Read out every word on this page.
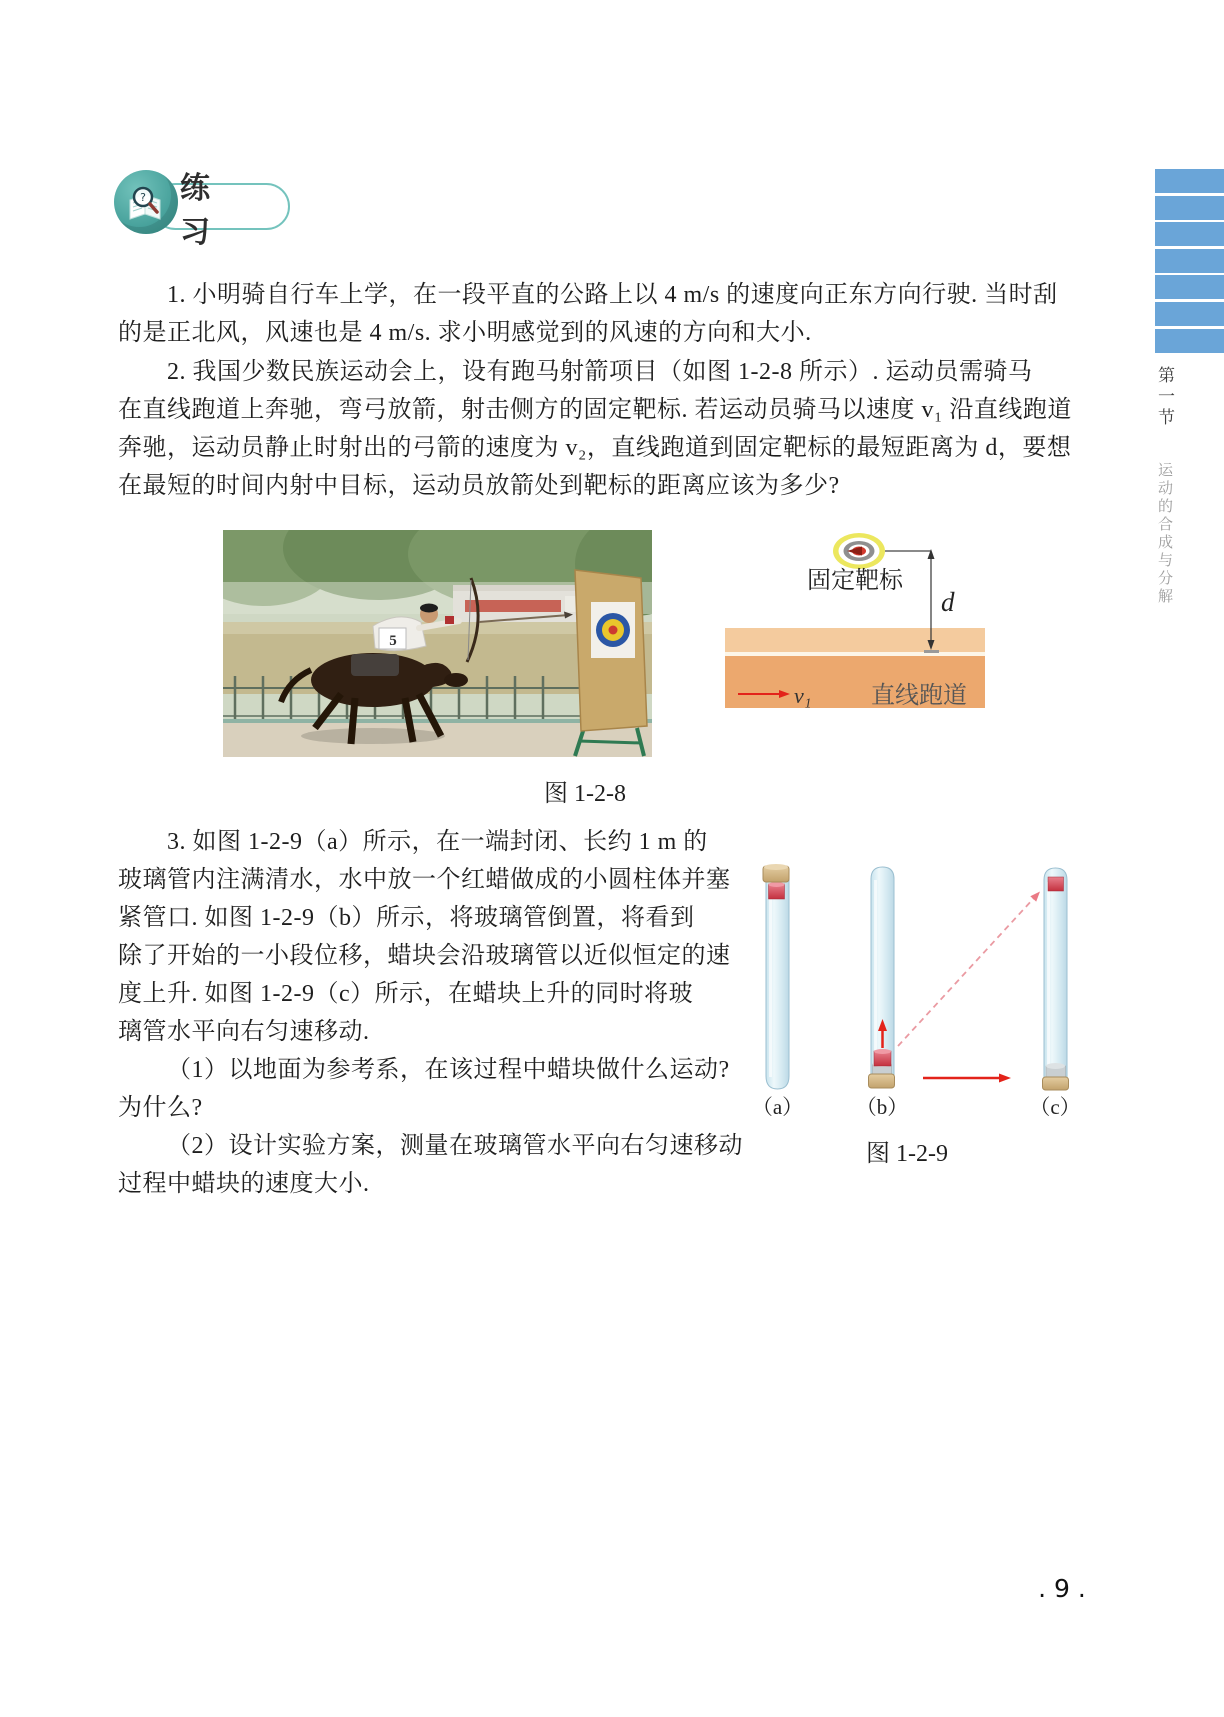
练 习
?
1. 小明骑自行车上学，在一段平直的公路上以 4 m/s 的速度向正东方向行驶. 当时刮
的是正北风，风速也是 4 m/s. 求小明感觉到的风速的方向和大小.
2. 我国少数民族运动会上，设有跑马射箭项目（如图 1-2-8 所示）. 运动员需骑马
在直线跑道上奔驰，弯弓放箭，射击侧方的固定靶标. 若运动员骑马以速度 v₁ 沿直线跑道
奔驰，运动员静止时射出的弓箭的速度为 v₂，直线跑道到固定靶标的最短距离为 d，要想
在最短的时间内射中目标，运动员放箭处到靶标的距离应该为多少?
5
固定靶标
d
v₁ 直线跑道
图 1-2-8
3. 如图 1-2-9（a）所示，在一端封闭、长约 1 m 的
玻璃管内注满清水，水中放一个红蜡做成的小圆柱体并塞
紧管口. 如图 1-2-9（b）所示，将玻璃管倒置，将看到
除了开始的一小段位移，蜡块会沿玻璃管以近似恒定的速
度上升. 如图 1-2-9（c）所示，在蜡块上升的同时将玻
璃管水平向右匀速移动.
（1）以地面为参考系，在该过程中蜡块做什么运动?
为什么?
（2）设计实验方案，测量在玻璃管水平向右匀速移动
过程中蜡块的速度大小.
（a）	（b）	（c）
图 1-2-9
第一节 运动的合成与分解
. 9 .
